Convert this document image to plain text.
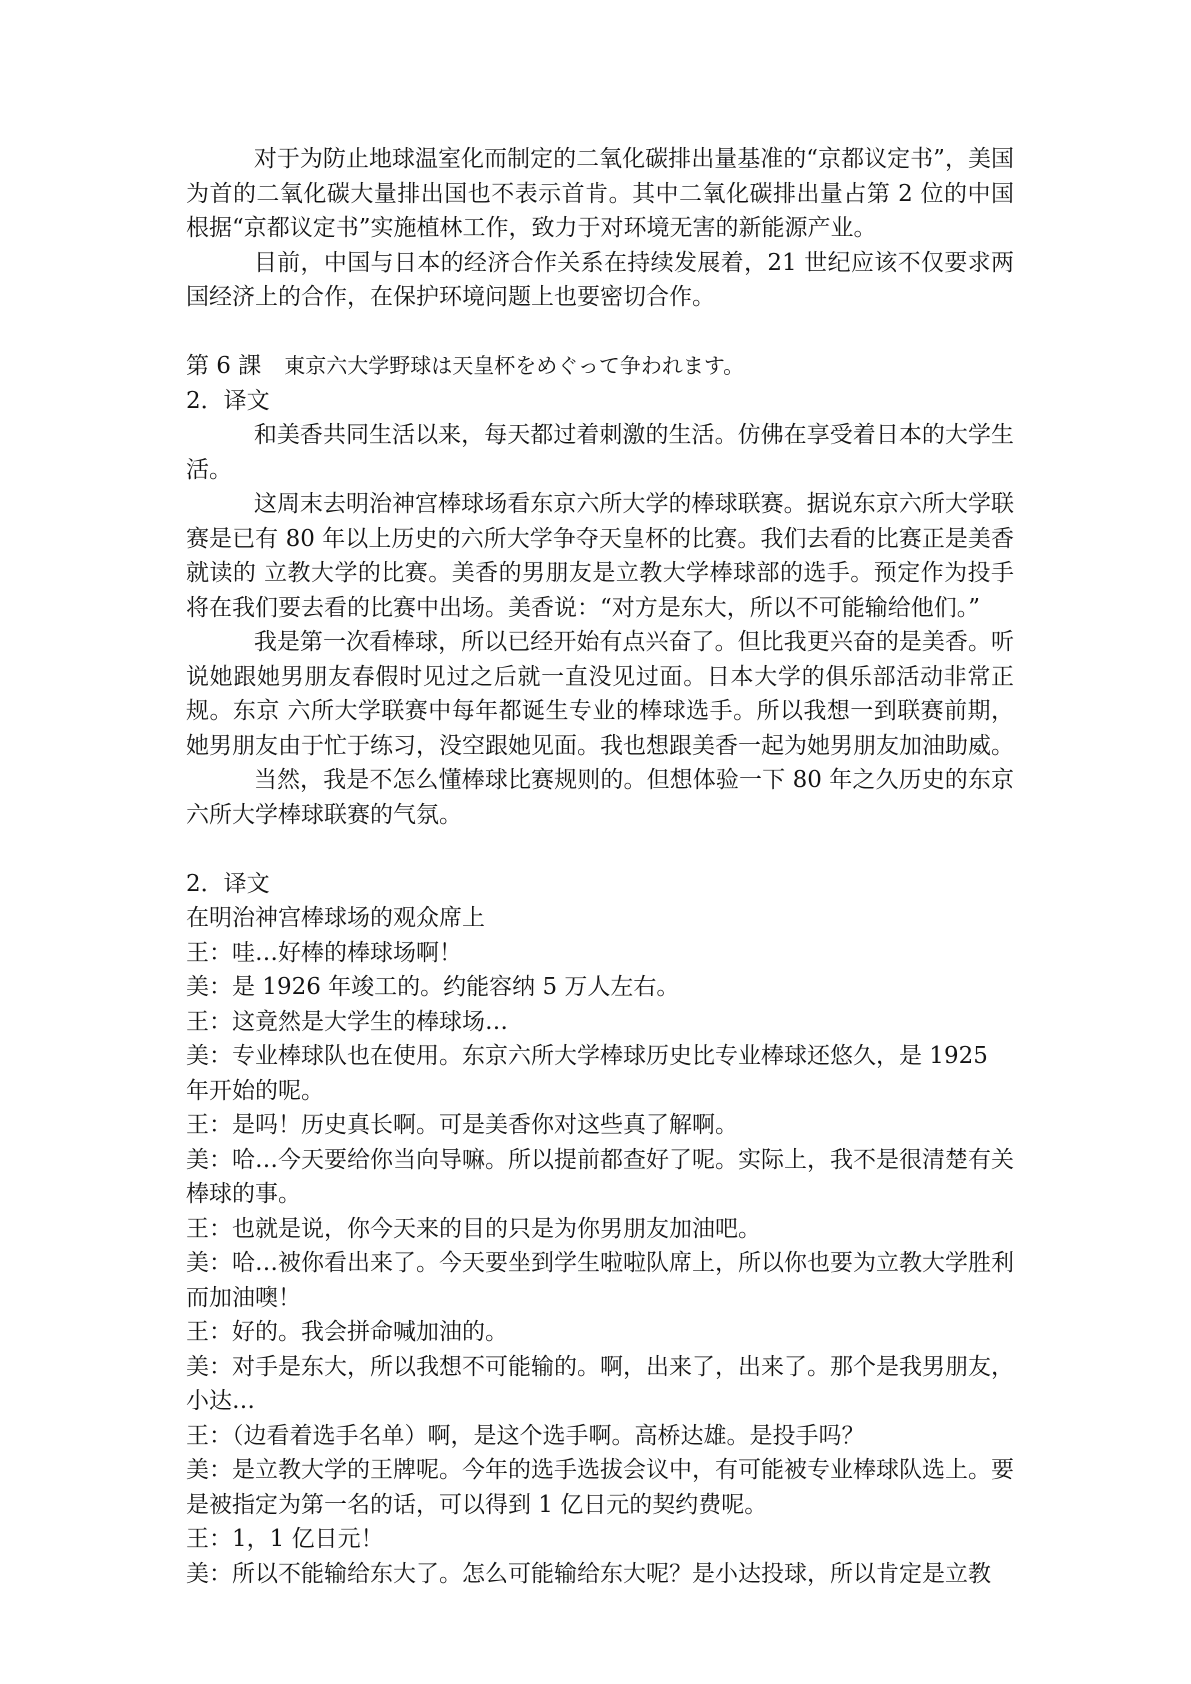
对于为防止地球温室化而制定的二氧化碳排出量基准的“京都议定书”，美国为首的二氧化碳大量排出国也不表示首肯。其中二氧化碳排出量占第 2 位的中国根据“京都议定书”实施植林工作，致力于对环境无害的新能源产业。

目前，中国与日本的经济合作关系在持续发展着，21 世纪应该不仅要求两国经济上的合作，在保护环境问题上也要密切合作。

第 6 課 東京六大学野球は天皇杯をめぐって争われます。

2．译文

和美香共同生活以来，每天都过着刺激的生活。仿佛在享受着日本的大学生活。

这周末去明治神宫棒球场看东京六所大学的棒球联赛。据说东京六所大学联赛是已有 80 年以上历史的六所大学争夺天皇杯的比赛。我们去看的比赛正是美香就读的 立教大学的比赛。美香的男朋友是立教大学棒球部的选手。预定作为投手将在我们要去看的比赛中出场。美香说：“对方是东大，所以不可能输给他们。”

我是第一次看棒球，所以已经开始有点兴奋了。但比我更兴奋的是美香。听说她跟她男朋友春假时见过之后就一直没见过面。日本大学的俱乐部活动非常正规。东京 六所大学联赛中每年都诞生专业的棒球选手。所以我想一到联赛前期，她男朋友由于忙于练习，没空跟她见面。我也想跟美香一起为她男朋友加油助威。

当然，我是不怎么懂棒球比赛规则的。但想体验一下 80 年之久历史的东京六所大学棒球联赛的气氛。

2．译文

在明治神宫棒球场的观众席上

王：哇…好棒的棒球场啊！

美：是 1926 年竣工的。约能容纳 5 万人左右。

王：这竟然是大学生的棒球场…

美：专业棒球队也在使用。东京六所大学棒球历史比专业棒球还悠久，是 1925 年开始的呢。

王：是吗！历史真长啊。可是美香你对这些真了解啊。

美：哈…今天要给你当向导嘛。所以提前都查好了呢。实际上，我不是很清楚有关棒球的事。

王：也就是说，你今天来的目的只是为你男朋友加油吧。

美：哈…被你看出来了。今天要坐到学生啦啦队席上，所以你也要为立教大学胜利而加油噢！

王：好的。我会拼命喊加油的。

美：对手是东大，所以我想不可能输的。啊，出来了，出来了。那个是我男朋友，小达…

王：（边看着选手名单）啊，是这个选手啊。高桥达雄。是投手吗？

美：是立教大学的王牌呢。今年的选手选拔会议中，有可能被专业棒球队选上。要是被指定为第一名的话，可以得到 1 亿日元的契约费呢。

王：1，1 亿日元！

美：所以不能输给东大了。怎么可能输给东大呢？是小达投球，所以肯定是立教
